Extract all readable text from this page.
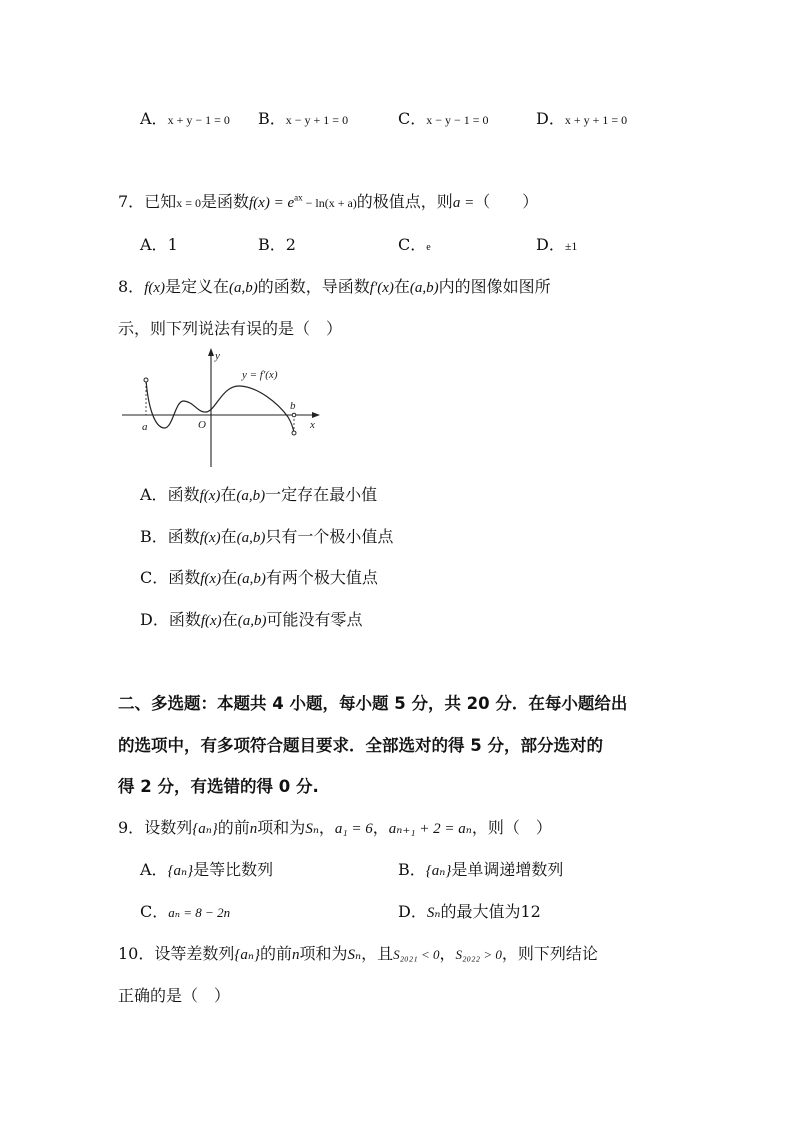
A．x + y − 1 = 0 B．x − y + 1 = 0	C．x − y − 1 = 0	D．x + y + 1 = 0
7．已知x = 0是函数$f(x) = e^{ax} - \ln(x + a)$的极值点，则a =（　　）
A．1	B．2	C．e	D．±1
8．f(x)是定义在(a,b)的函数，导函数f′(x)在(a,b)内的图像如图所
示，则下列说法有误的是（　）
y
y = f′(x)
a	O
b
x
A．函数f(x)在(a,b)一定存在最小值
B．函数f(x)在(a,b)只有一个极小值点
C．函数f(x)在(a,b)有两个极大值点
D．函数f(x)在(a,b)可能没有零点
二、多选题：本题共 4 小题，每小题 5 分，共 20 分．在每小题给出
的选项中，有多项符合题目要求．全部选对的得 5 分，部分选对的
得 2 分，有选错的得 0 分.
9．设数列{aₙ}的前n项和为Sₙ，a₁ = 6，aₙ₊₁ + 2 = aₙ，则（　）
A．{aₙ}是等比数列	B．{aₙ}是单调递增数列
C．aₙ = 8 − 2n	D．Sₙ的最大值为12
10．设等差数列{aₙ}的前n项和为Sₙ，且S₂₀₂₁ < 0，S₂₀₂₂ > 0，则下列结论
正确的是（　）
